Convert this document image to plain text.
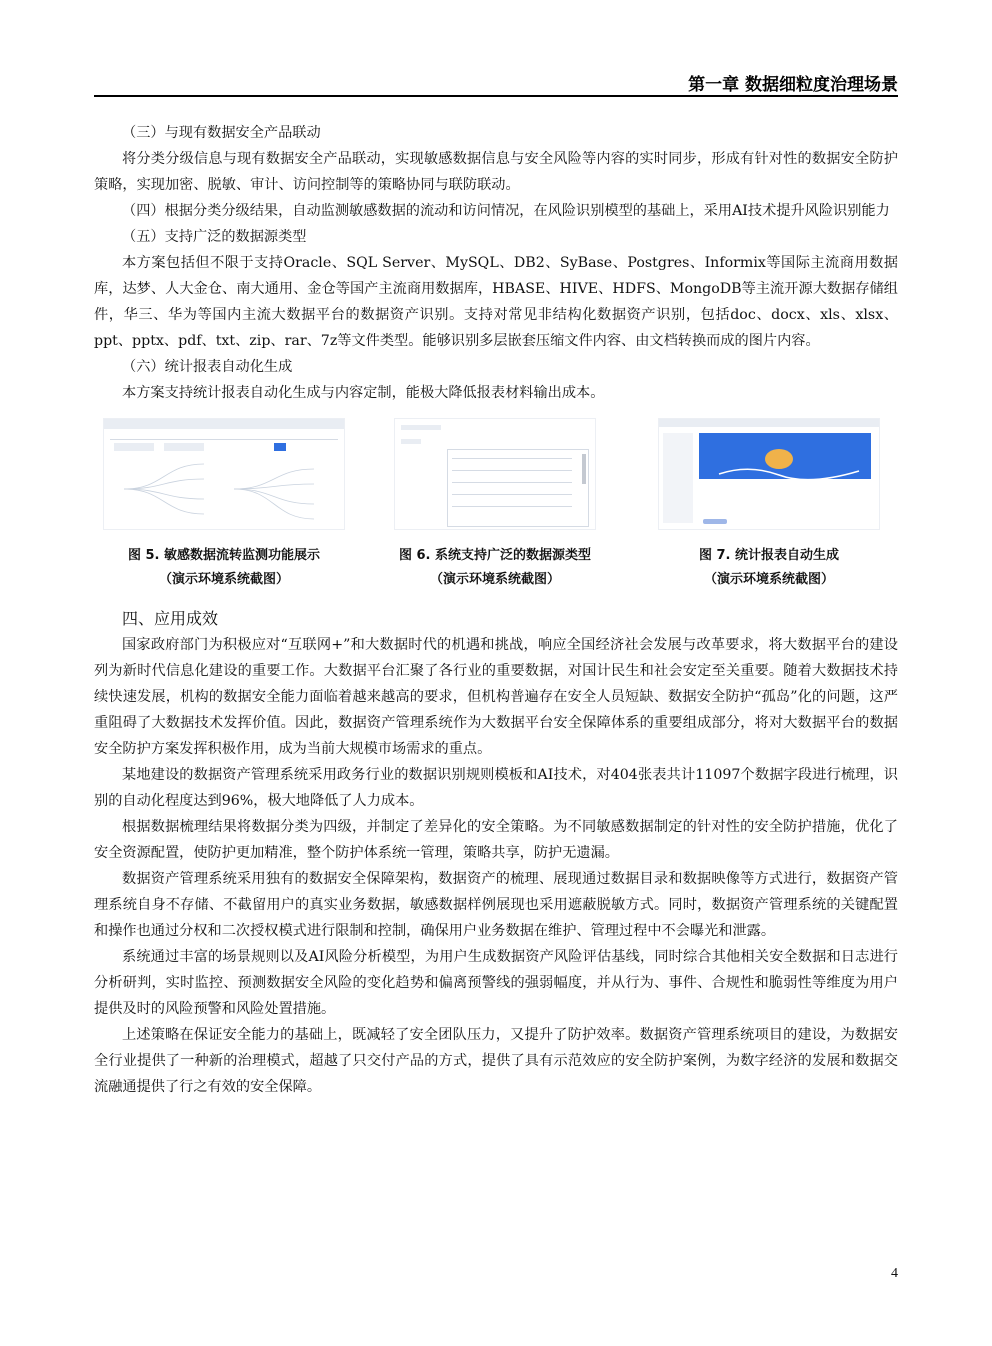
第一章 数据细粒度治理场景

（三）与现有数据安全产品联动

将分类分级信息与现有数据安全产品联动，实现敏感数据信息与安全风险等内容的实时同步，形成有针对性的数据安全防护策略，实现加密、脱敏、审计、访问控制等的策略协同与联防联动。

（四）根据分类分级结果，自动监测敏感数据的流动和访问情况，在风险识别模型的基础上，采用AI技术提升风险识别能力

（五）支持广泛的数据源类型

本方案包括但不限于支持Oracle、SQL Server、MySQL、DB2、SyBase、Postgres、Informix等国际主流商用数据库，达梦、人大金仓、南大通用、金仓等国产主流商用数据库，HBASE、HIVE、HDFS、MongoDB等主流开源大数据存储组件，华三、华为等国内主流大数据平台的数据资产识别。支持对常见非结构化数据资产识别，包括doc、docx、xls、xlsx、ppt、pptx、pdf、txt、zip、rar、7z等文件类型。能够识别多层嵌套压缩文件内容、由文档转换而成的图片内容。

（六）统计报表自动化生成

本方案支持统计报表自动化生成与内容定制，能极大降低报表材料输出成本。

图 5. 敏感数据流转监测功能展示
（演示环境系统截图）
图 6. 系统支持广泛的数据源类型
（演示环境系统截图）
图 7. 统计报表自动生成
（演示环境系统截图）

四、应用成效

国家政府部门为积极应对“互联网+”和大数据时代的机遇和挑战，响应全国经济社会发展与改革要求，将大数据平台的建设列为新时代信息化建设的重要工作。大数据平台汇聚了各行业的重要数据，对国计民生和社会安定至关重要。随着大数据技术持续快速发展，机构的数据安全能力面临着越来越高的要求，但机构普遍存在安全人员短缺、数据安全防护“孤岛”化的问题，这严重阻碍了大数据技术发挥价值。因此，数据资产管理系统作为大数据平台安全保障体系的重要组成部分，将对大数据平台的数据安全防护方案发挥积极作用，成为当前大规模市场需求的重点。

某地建设的数据资产管理系统采用政务行业的数据识别规则模板和AI技术，对404张表共计11097个数据字段进行梳理，识别的自动化程度达到96%，极大地降低了人力成本。

根据数据梳理结果将数据分类为四级，并制定了差异化的安全策略。为不同敏感数据制定的针对性的安全防护措施，优化了安全资源配置，使防护更加精准，整个防护体系统一管理，策略共享，防护无遗漏。

数据资产管理系统采用独有的数据安全保障架构，数据资产的梳理、展现通过数据目录和数据映像等方式进行，数据资产管理系统自身不存储、不截留用户的真实业务数据，敏感数据样例展现也采用遮蔽脱敏方式。同时，数据资产管理系统的关键配置和操作也通过分权和二次授权模式进行限制和控制，确保用户业务数据在维护、管理过程中不会曝光和泄露。

系统通过丰富的场景规则以及AI风险分析模型，为用户生成数据资产风险评估基线，同时综合其他相关安全数据和日志进行分析研判，实时监控、预测数据安全风险的变化趋势和偏离预警线的强弱幅度，并从行为、事件、合规性和脆弱性等维度为用户提供及时的风险预警和风险处置措施。

上述策略在保证安全能力的基础上，既减轻了安全团队压力，又提升了防护效率。数据资产管理系统项目的建设，为数据安全行业提供了一种新的治理模式，超越了只交付产品的方式，提供了具有示范效应的安全防护案例，为数字经济的发展和数据交流融通提供了行之有效的安全保障。

4
